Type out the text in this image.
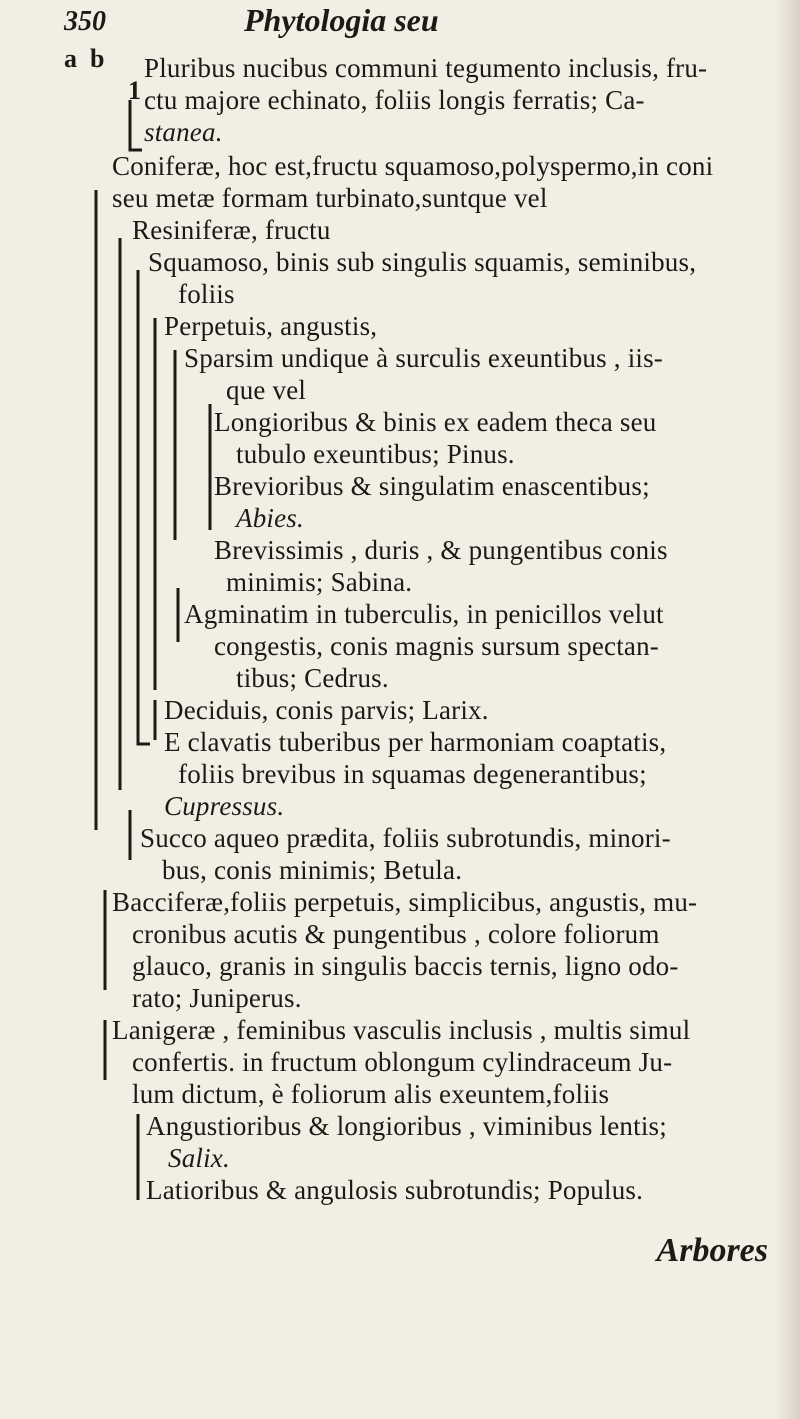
350	Phytologia seu
a b
1
Pluribus nucibus communi tegumento inclusis, fru-
ctu majore echinato, foliis longis ferratis; Ca-
stanea.
Coniferæ, hoc est,fructu squamoso,polyspermo,in coni
seu metæ formam turbinato,suntque vel
Resiniferæ, fructu
Squamoso, binis sub singulis squamis, seminibus,
foliis
Perpetuis, angustis,
Sparsim undique à surculis exeuntibus , iis-
que vel
Longioribus & binis ex eadem theca seu
tubulo exeuntibus; Pinus.
Brevioribus & singulatim enascentibus;
Abies.
Brevissimis , duris , & pungentibus conis
minimis; Sabina.
Agminatim in tuberculis, in penicillos velut
congestis, conis magnis sursum spectan-
tibus; Cedrus.
Deciduis, conis parvis; Larix.
E clavatis tuberibus per harmoniam coaptatis,
foliis brevibus in squamas degenerantibus;
Cupressus.
Succo aqueo prædita, foliis subrotundis, minori-
bus, conis minimis; Betula.
Bacciferæ,foliis perpetuis, simplicibus, angustis, mu-
cronibus acutis & pungentibus , colore foliorum
glauco, granis in singulis baccis ternis, ligno odo-
rato; Juniperus.
Lanigeræ , feminibus vasculis inclusis , multis simul
confertis. in fructum oblongum cylindraceum Ju-
lum dictum, è foliorum alis exeuntem,foliis
Angustioribus & longioribus , viminibus lentis;
Salix.
Latioribus & angulosis subrotundis; Populus.
Arbores
